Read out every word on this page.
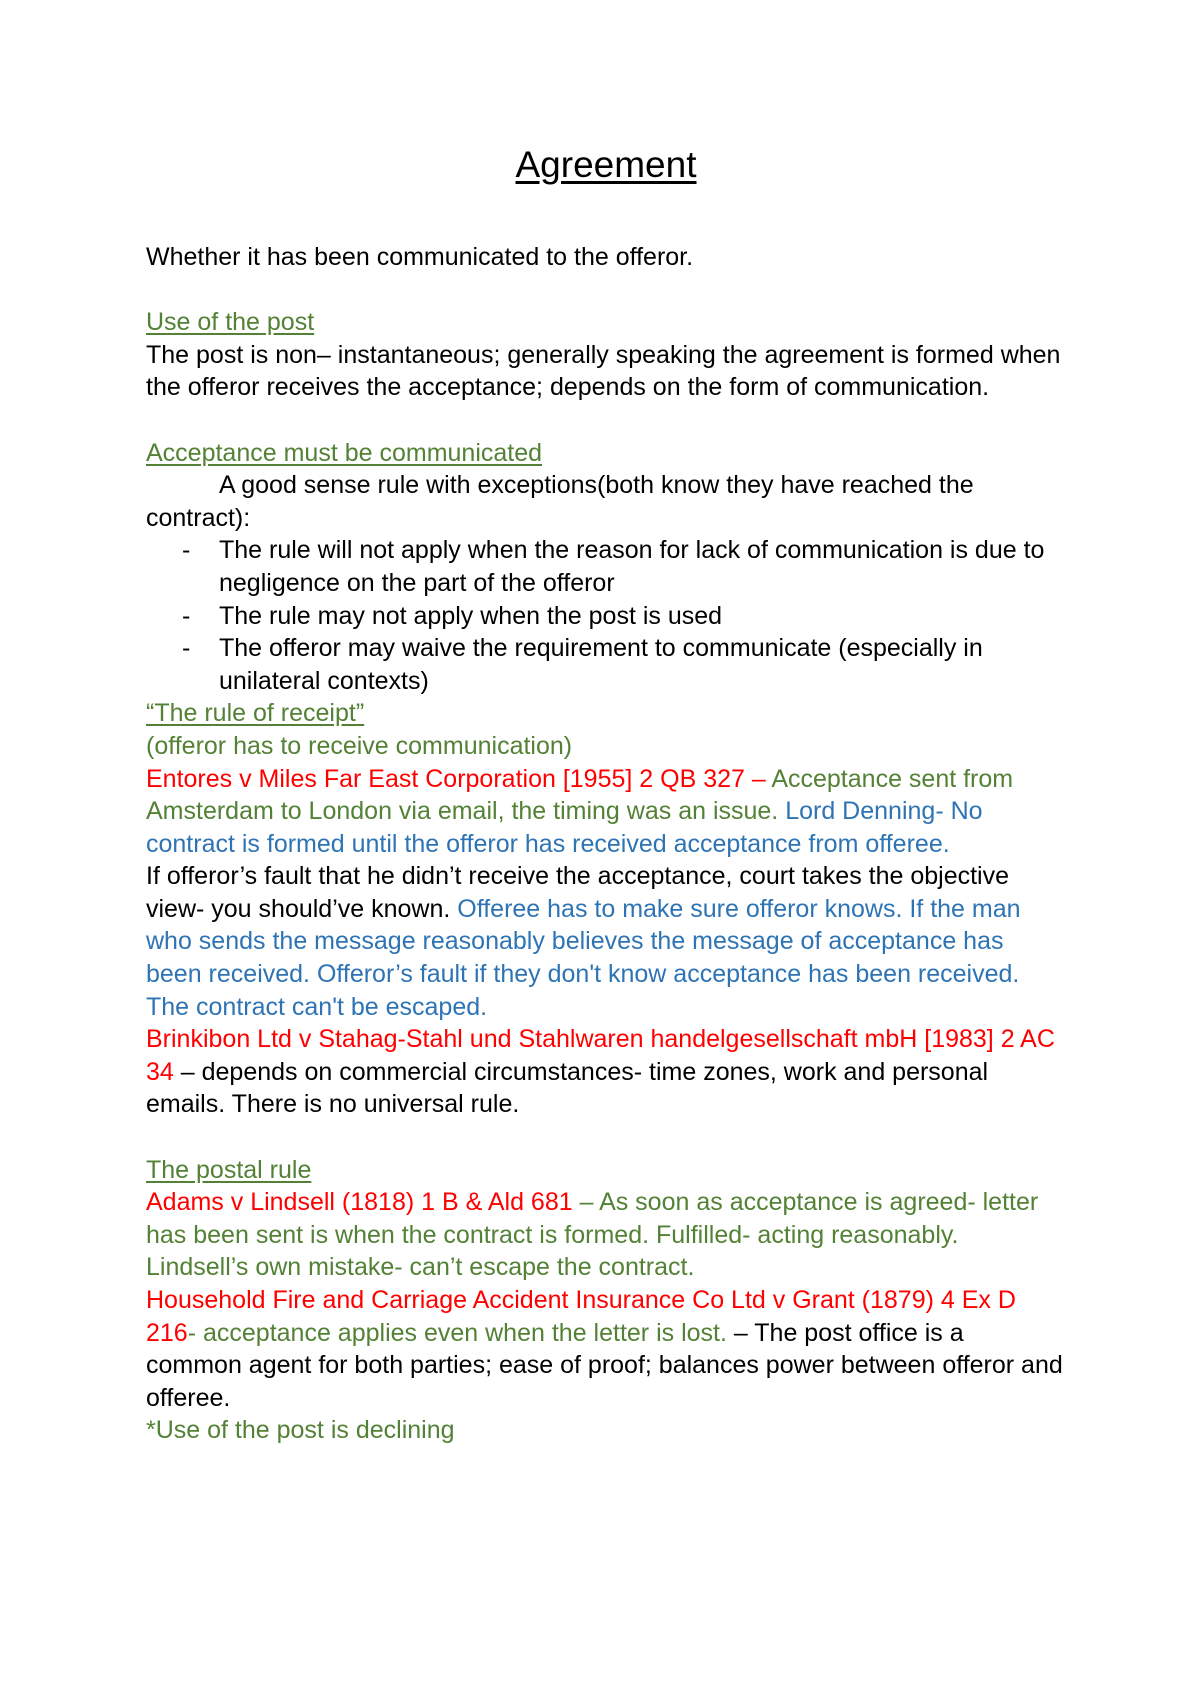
Agreement

Whether it has been communicated to the offeror.

Use of the post

The post is non– instantaneous; generally speaking the agreement is formed when the offeror receives the acceptance; depends on the form of communication.

Acceptance must be communicated

A good sense rule with exceptions(both know they have reached the contract):

- The rule will not apply when the reason for lack of communication is due to negligence on the part of the offeror
- The rule may not apply when the post is used
- The offeror may waive the requirement to communicate (especially in unilateral contexts)

“The rule of receipt”

(offeror has to receive communication)

Entores v Miles Far East Corporation [1955] 2 QB 327 – Acceptance sent from Amsterdam to London via email, the timing was an issue. Lord Denning- No contract is formed until the offeror has received acceptance from offeree.

If offeror’s fault that he didn’t receive the acceptance, court takes the objective view- you should’ve known. Offeree has to make sure offeror knows. If the man who sends the message reasonably believes the message of acceptance has been received. Offeror’s fault if they don't know acceptance has been received. The contract can't be escaped.

Brinkibon Ltd v Stahag-Stahl und Stahlwaren handelgesellschaft mbH [1983] 2 AC 34 – depends on commercial circumstances- time zones, work and personal emails. There is no universal rule.

The postal rule

Adams v Lindsell (1818) 1 B & Ald 681 – As soon as acceptance is agreed- letter has been sent is when the contract is formed. Fulfilled- acting reasonably. Lindsell’s own mistake- can’t escape the contract.

Household Fire and Carriage Accident Insurance Co Ltd v Grant (1879) 4 Ex D 216- acceptance applies even when the letter is lost. – The post office is a common agent for both parties; ease of proof; balances power between offeror and offeree.

*Use of the post is declining
